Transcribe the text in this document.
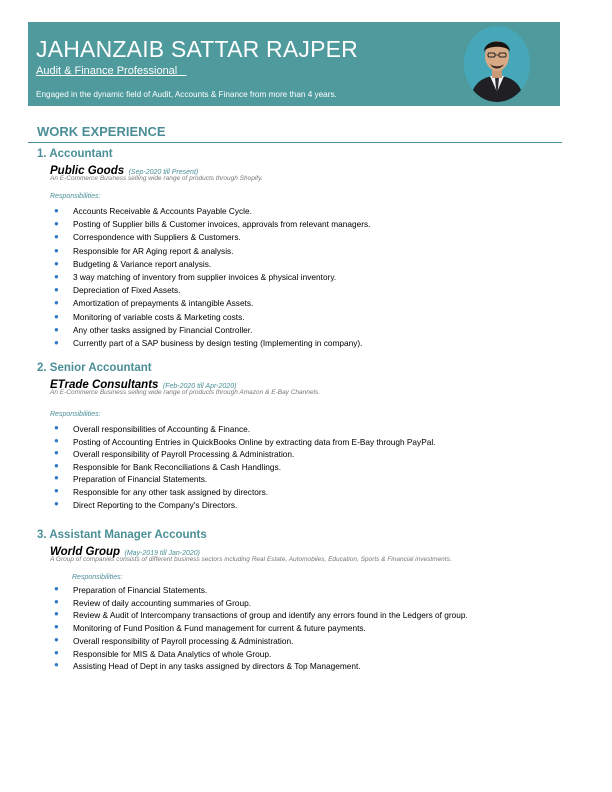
JAHANZAIB SATTAR RAJPER
Audit & Finance Professional
Engaged in the dynamic field of Audit, Accounts & Finance from more than 4 years.
WORK EXPERIENCE
1. Accountant
Public Goods (Sep-2020 till Present)
An E-Commerce Business selling wide range of products through Shopify.
Responsibilities:
● Accounts Receivable & Accounts Payable Cycle.
● Posting of Supplier bills & Customer invoices, approvals from relevant managers.
● Correspondence with Suppliers & Customers.
● Responsible for AR Aging report & analysis.
● Budgeting & Variance report analysis.
● 3 way matching of inventory from supplier invoices & physical inventory.
● Depreciation of Fixed Assets.
● Amortization of prepayments & intangible Assets.
● Monitoring of variable costs & Marketing costs.
● Any other tasks assigned by Financial Controller.
● Currently part of a SAP business by design testing (Implementing in company).
2. Senior Accountant
ETrade Consultants (Feb-2020 till Apr-2020)
An E-Commerce Business selling wide range of products through Amazon & E-Bay Channels.
Responsibilities:
● Overall responsibilities of Accounting & Finance.
● Posting of Accounting Entries in QuickBooks Online by extracting data from E-Bay through PayPal.
● Overall responsibility of Payroll Processing & Administration.
● Responsible for Bank Reconciliations & Cash Handlings.
● Preparation of Financial Statements.
● Responsible for any other task assigned by directors.
● Direct Reporting to the Company's Directors.
3. Assistant Manager Accounts
World Group (May-2019 till Jan-2020)
A Group of companies consists of different business sectors including Real Estate, Automobiles, Education, Sports & Financial investments.
Responsibilities:
● Preparation of Financial Statements.
● Review of daily accounting summaries of Group.
● Review & Audit of Intercompany transactions of group and identify any errors found in the Ledgers of group.
● Monitoring of Fund Position & Fund management for current & future payments.
● Overall responsibility of Payroll processing & Administration.
● Responsible for MIS & Data Analytics of whole Group.
● Assisting Head of Dept in any tasks assigned by directors & Top Management.
